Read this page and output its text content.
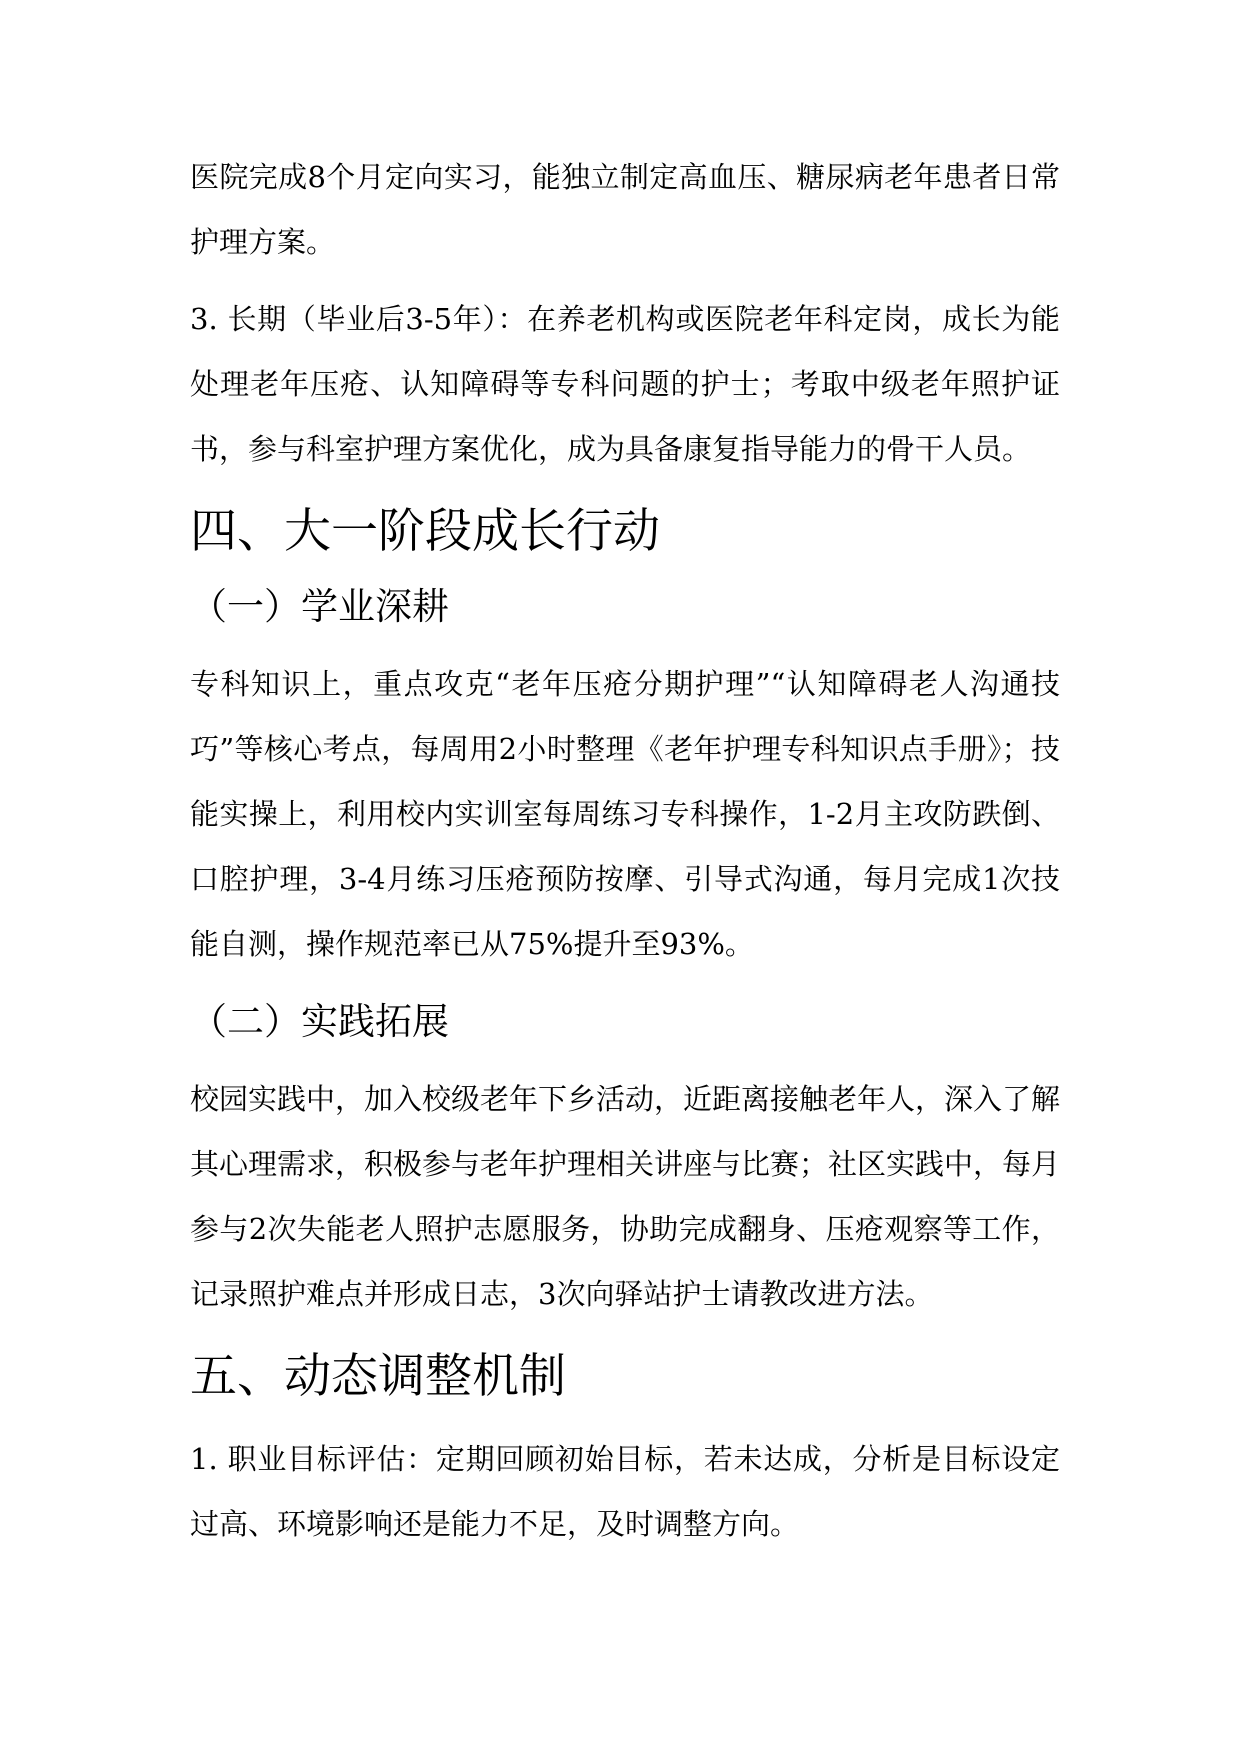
医院完成8个月定向实习，能独立制定高血压、糖尿病老年患者日常护理方案。

3. 长期（毕业后3-5年）：在养老机构或医院老年科定岗，成长为能处理老年压疮、认知障碍等专科问题的护士；考取中级老年照护证书，参与科室护理方案优化，成为具备康复指导能力的骨干人员。

四、大一阶段成长行动
（一）学业深耕

专科知识上，重点攻克“老年压疮分期护理”“认知障碍老人沟通技巧”等核心考点，每周用2小时整理《老年护理专科知识点手册》；技能实操上，利用校内实训室每周练习专科操作，1-2月主攻防跌倒、口腔护理，3-4月练习压疮预防按摩、引导式沟通，每月完成1次技能自测，操作规范率已从75%提升至93%。

（二）实践拓展

校园实践中，加入校级老年下乡活动，近距离接触老年人，深入了解其心理需求，积极参与老年护理相关讲座与比赛；社区实践中，每月参与2次失能老人照护志愿服务，协助完成翻身、压疮观察等工作，记录照护难点并形成日志，3次向驿站护士请教改进方法。

五、动态调整机制

1. 职业目标评估：定期回顾初始目标，若未达成，分析是目标设定过高、环境影响还是能力不足，及时调整方向。
